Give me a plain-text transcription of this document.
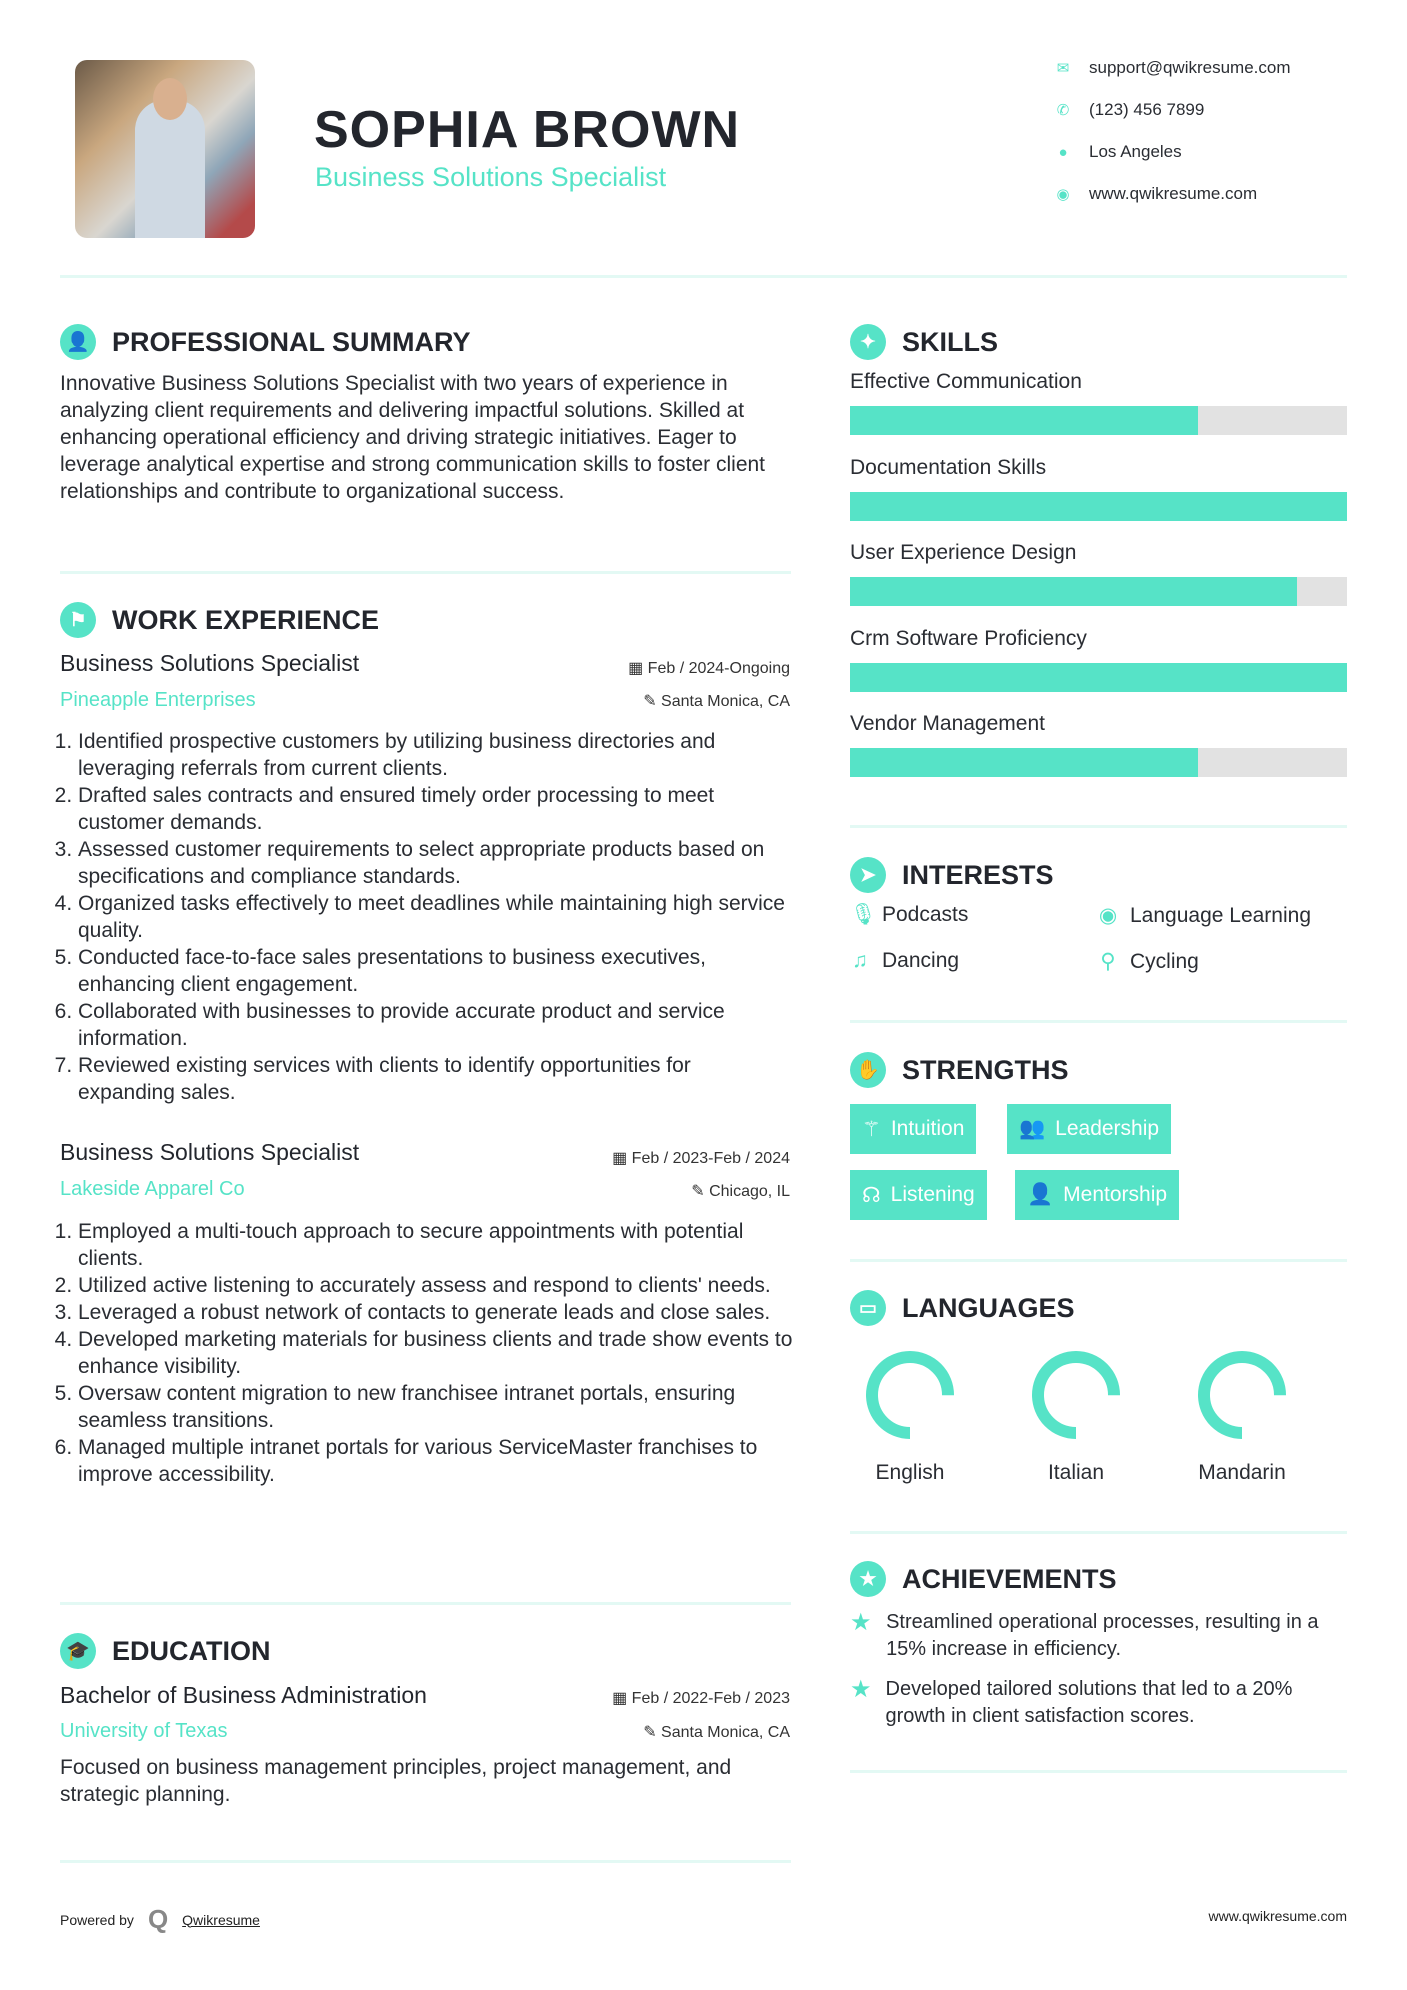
SOPHIA BROWN
Business Solutions Specialist
✉ support@qwikresume.com
✆ (123) 456 7899
● Los Angeles
◉ www.qwikresume.com
👤 PROFESSIONAL SUMMARY
Innovative Business Solutions Specialist with two years of experience in analyzing client requirements and delivering impactful solutions. Skilled at enhancing operational efficiency and driving strategic initiatives. Eager to leverage analytical expertise and strong communication skills to foster client relationships and contribute to organizational success.
⚑ WORK EXPERIENCE
Business Solutions Specialist	▦ Feb / 2024-Ongoing
Pineapple Enterprises	✎ Santa Monica, CA
1. Identified prospective customers by utilizing business directories and leveraging referrals from current clients.
2. Drafted sales contracts and ensured timely order processing to meet customer demands.
3. Assessed customer requirements to select appropriate products based on specifications and compliance standards.
4. Organized tasks effectively to meet deadlines while maintaining high service quality.
5. Conducted face-to-face sales presentations to business executives, enhancing client engagement.
6. Collaborated with businesses to provide accurate product and service information.
7. Reviewed existing services with clients to identify opportunities for expanding sales.
Business Solutions Specialist	▦ Feb / 2023-Feb / 2024
Lakeside Apparel Co	✎ Chicago, IL
1. Employed a multi-touch approach to secure appointments with potential clients.
2. Utilized active listening to accurately assess and respond to clients' needs.
3. Leveraged a robust network of contacts to generate leads and close sales.
4. Developed marketing materials for business clients and trade show events to enhance visibility.
5. Oversaw content migration to new franchisee intranet portals, ensuring seamless transitions.
6. Managed multiple intranet portals for various ServiceMaster franchises to improve accessibility.
🎓 EDUCATION
Bachelor of Business Administration	▦ Feb / 2022-Feb / 2023
University of Texas	✎ Santa Monica, CA
Focused on business management principles, project management, and strategic planning.
✦ SKILLS
Effective Communication
Documentation Skills
User Experience Design
Crm Software Proficiency
Vendor Management
➤ INTERESTS
🎙 Podcasts	◉ Language Learning
♫ Dancing	⚲ Cycling
✋ STRENGTHS
⚚ Intuition	👥 Leadership
☊ Listening 👤 Mentorship
▭ LANGUAGES
English	Italian	Mandarin
★ ACHIEVEMENTS
★ Streamlined operational processes, resulting in a 15% increase in efficiency.
★ Developed tailored solutions that led to a 20% growth in client satisfaction scores.
Powered by Q Qwikresume	www.qwikresume.com
